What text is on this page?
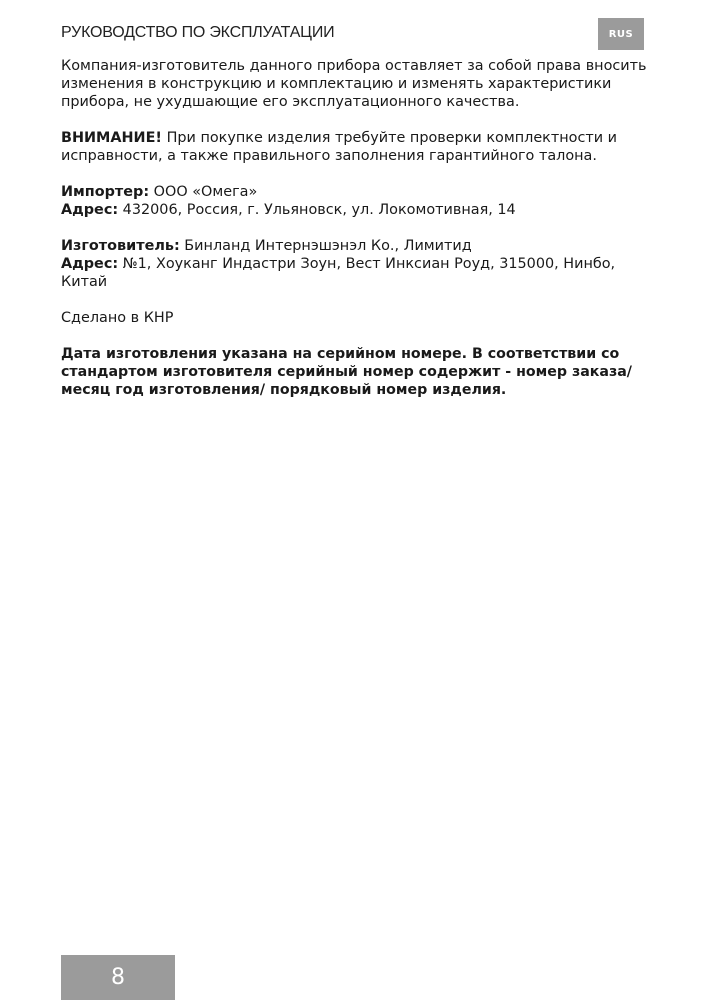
РУКОВОДСТВО ПО ЭКСПЛУАТАЦИИ	RUS

Компания-изготовитель данного прибора оставляет за собой права вносить изменения в конструкцию и комплектацию и изменять характеристики прибора, не ухудшающие его эксплуатационного качества.

ВНИМАНИЕ! При покупке изделия требуйте проверки комплектности и исправности, а также правильного заполнения гарантийного талона.

Импортер: ООО «Омега»

Адрес: 432006, Россия, г. Ульяновск, ул. Локомотивная, 14

Изготовитель: Бинланд Интернэшэнэл Ко., Лимитид

Адрес: №1, Хоуканг Индастри Зоун, Вест Инксиан Роуд, 315000, Нинбо, Китай

Сделано в КНР

Дата изготовления указана на серийном номере. В соответствии со стандартом изготовителя серийный номер содержит - номер заказа/месяц год изготовления/ порядковый номер изделия.

8
